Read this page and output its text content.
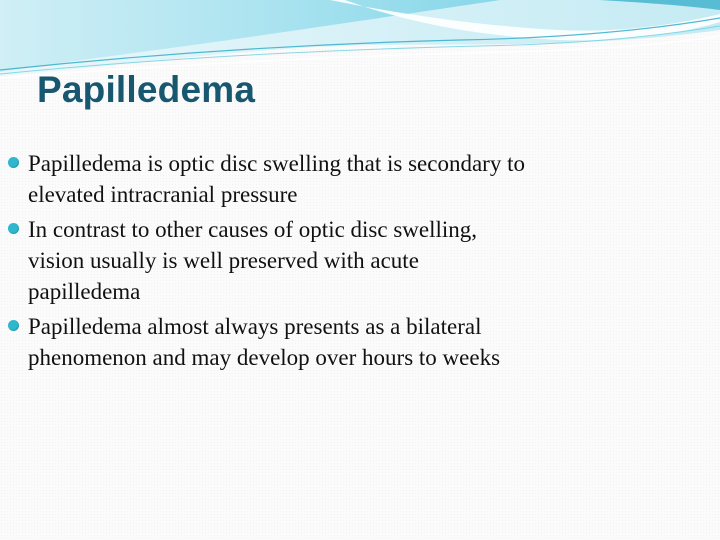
Papilledema
Papilledema is optic disc swelling that is secondary to
elevated intracranial pressure
In contrast to other causes of optic disc swelling,
vision usually is well preserved with acute
papilledema
Papilledema almost always presents as a bilateral
phenomenon and may develop over hours to weeks
